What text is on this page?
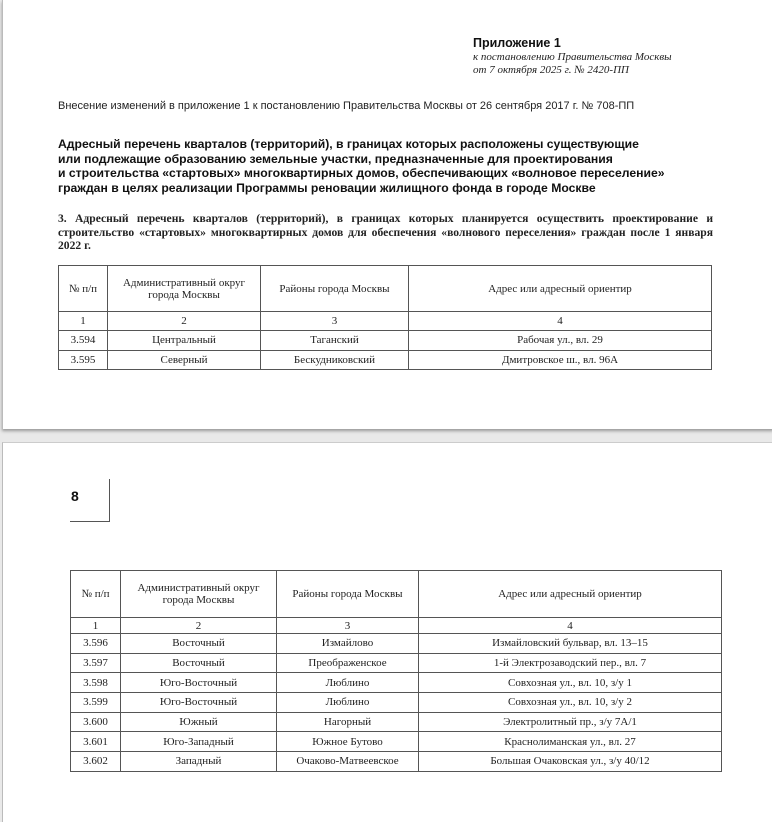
Приложение 1
к постановлению Правительства Москвы
от 7 октября 2025 г. № 2420-ПП
Внесение изменений в приложение 1 к постановлению Правительства Москвы от 26 сентября 2017 г. № 708-ПП
Адресный перечень кварталов (территорий), в границах которых расположены существующие
или подлежащие образованию земельные участки, предназначенные для проектирования
и строительства «стартовых» многоквартирных домов, обеспечивающих «волновое переселение»
граждан в целях реализации Программы реновации жилищного фонда в городе Москве
3. Адресный перечень кварталов (территорий), в границах которых планируется осуществить проектирование и строительство «стартовых» многоквартирных домов для обеспечения «волнового переселения» граждан после 1 января 2022 г.
№ п/п	Административный округ города Москвы	Районы города Москвы	Адрес или адресный ориентир
1	2	3	4
3.594	Центральный	Таганский	Рабочая ул., вл. 29
3.595	Северный	Бескудниковский	Дмитровское ш., вл. 96А
8
№ п/п	Административный округ города Москвы	Районы города Москвы	Адрес или адресный ориентир
1	2	3	4
3.596	Восточный	Измайлово	Измайловский бульвар, вл. 13–15
3.597	Восточный	Преображенское	1-й Электрозаводский пер., вл. 7
3.598	Юго-Восточный	Люблино	Совхозная ул., вл. 10, з/у 1
3.599	Юго-Восточный	Люблино	Совхозная ул., вл. 10, з/у 2
3.600	Южный	Нагорный	Электролитный пр., з/у 7А/1
3.601	Юго-Западный	Южное Бутово	Краснолиманская ул., вл. 27
3.602	Западный	Очаково-Матвеевское	Большая Очаковская ул., з/у 40/12
